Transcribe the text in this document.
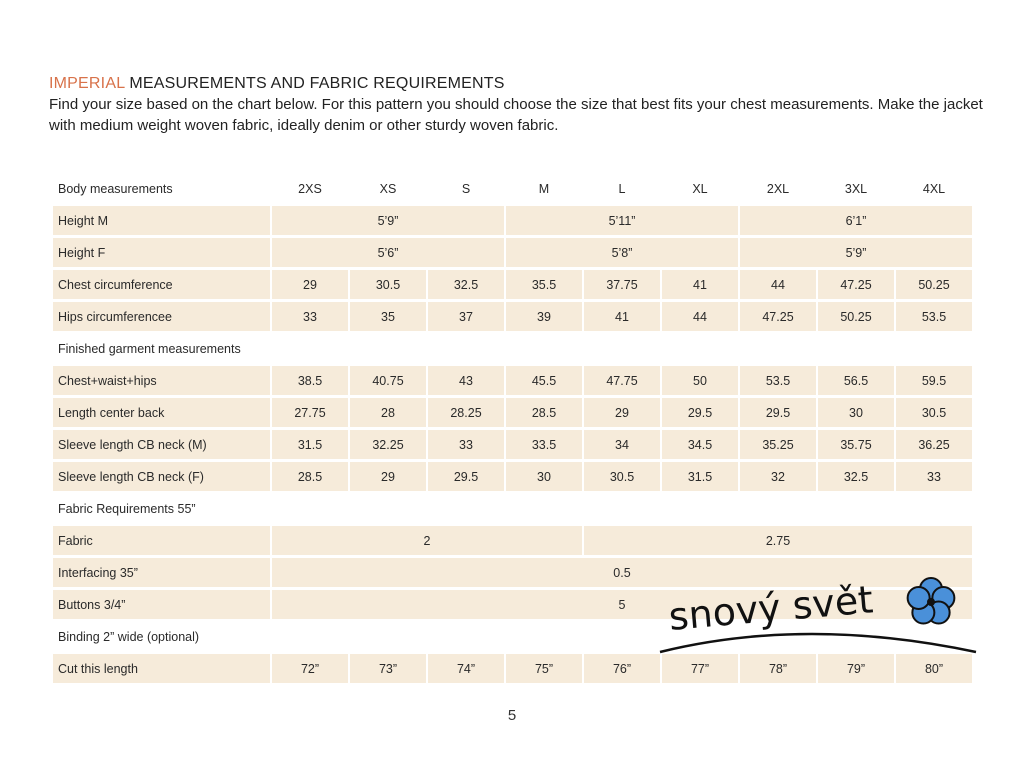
IMPERIAL MEASUREMENTS AND FABRIC REQUIREMENTS

Find your size based on the chart below. For this pattern you should choose the size that best fits your chest measurements. Make the jacket with medium weight woven fabric, ideally denim or other sturdy woven fabric.

Body measurements	2XS	XS	S	M	L	XL	2XL	3XL	4XL
Height M	5’9”	5’11”	6’1”
Height F	5’6”	5’8”	5’9”
Chest circumference	29	30.5	32.5	35.5	37.75	41	44	47.25	50.25
Hips circumferencee	33	35	37	39	41	44	47.25	50.25	53.5
Finished garment measurements
Chest+waist+hips	38.5	40.75	43	45.5	47.75	50	53.5	56.5	59.5
Length center back	27.75	28	28.25	28.5	29	29.5	29.5	30	30.5
Sleeve length CB neck (M)	31.5	32.25	33	33.5	34	34.5	35.25	35.75	36.25
Sleeve length CB neck (F)	28.5	29	29.5	30	30.5	31.5	32	32.5	33
Fabric Requirements 55”
Fabric	2	2.75
Interfacing 35”	0.5
Buttons 3/4”	5
Binding 2” wide (optional)
Cut this length	72”	73”	74”	75”	76”	77”	78”	79”	80”
snový svět
5
